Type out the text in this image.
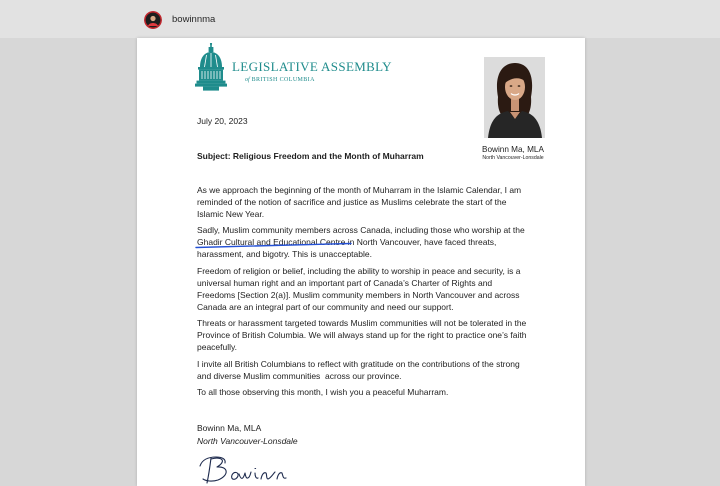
bowinnma
LEGISLATIVE ASSEMBLY
of BRITISH COLUMBIA
Bowinn Ma, MLA
North Vancouver-Lonsdale
July 20, 2023
Subject: Religious Freedom and the Month of Muharram
As we approach the beginning of the month of Muharram in the Islamic Calendar, I am
reminded of the notion of sacrifice and justice as Muslims celebrate the start of the
Islamic New Year.
Sadly, Muslim community members across Canada, including those who worship at the
Ghadir Cultural and Educational Centre in North Vancouver, have faced threats,
harassment, and bigotry. This is unacceptable.
Freedom of religion or belief, including the ability to worship in peace and security, is a
universal human right and an important part of Canada’s Charter of Rights and
Freedoms [Section 2(a)]. Muslim community members in North Vancouver and across
Canada are an integral part of our community and need our support.
Threats or harassment targeted towards Muslim communities will not be tolerated in the
Province of British Columbia. We will always stand up for the right to practice one’s faith
peacefully.
I invite all British Columbians to reflect with gratitude on the contributions of the strong
and diverse Muslim communities  across our province.
To all those observing this month, I wish you a peaceful Muharram.
Bowinn Ma, MLA
North Vancouver-Lonsdale
